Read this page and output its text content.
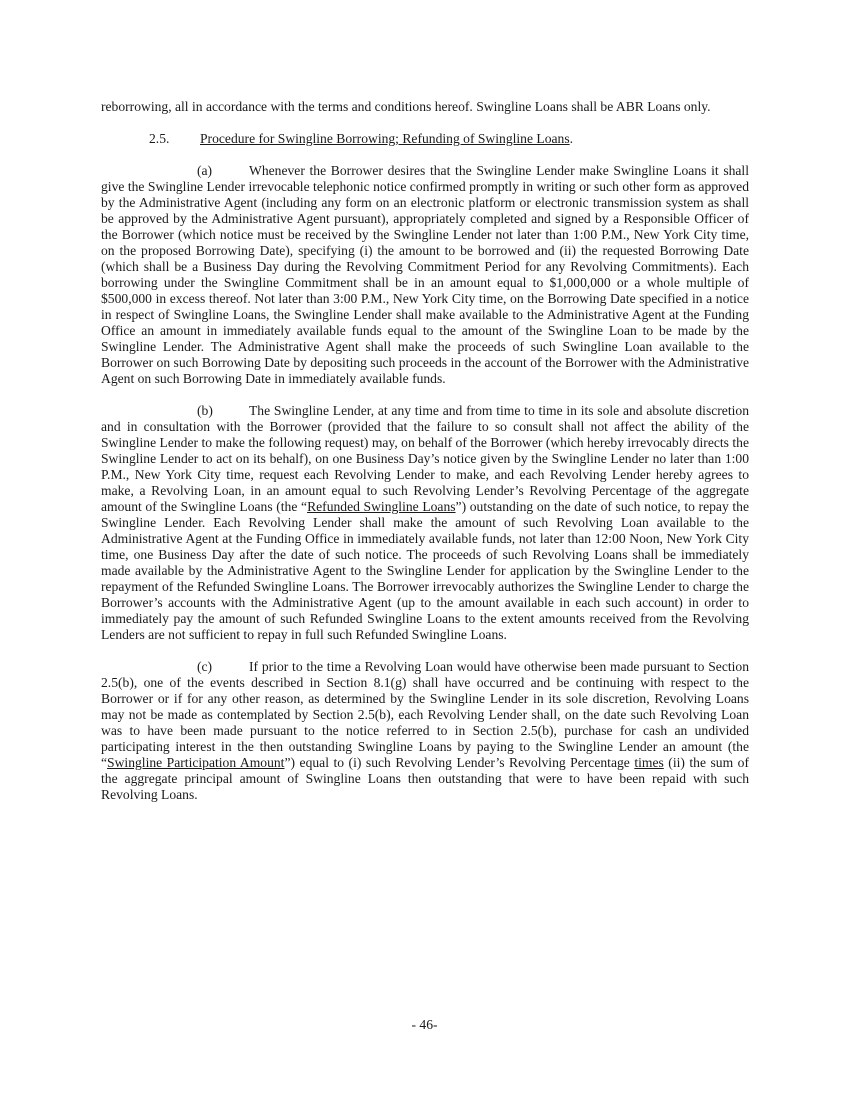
reborrowing, all in accordance with the terms and conditions hereof. Swingline Loans shall be ABR Loans only.

2.5. Procedure for Swingline Borrowing; Refunding of Swingline Loans.

(a)	Whenever the Borrower desires that the Swingline Lender make Swingline Loans it shall give the Swingline Lender irrevocable telephonic notice confirmed promptly in writing or such other form as approved by the Administrative Agent (including any form on an electronic platform or electronic transmission system as shall be approved by the Administrative Agent pursuant), appropriately completed and signed by a Responsible Officer of the Borrower (which notice must be received by the Swingline Lender not later than 1:00 P.M., New York City time, on the proposed Borrowing Date), specifying (i) the amount to be borrowed and (ii) the requested Borrowing Date (which shall be a Business Day during the Revolving Commitment Period for any Revolving Commitments). Each borrowing under the Swingline Commitment shall be in an amount equal to $1,000,000 or a whole multiple of $500,000 in excess thereof. Not later than 3:00 P.M., New York City time, on the Borrowing Date specified in a notice in respect of Swingline Loans, the Swingline Lender shall make available to the Administrative Agent at the Funding Office an amount in immediately available funds equal to the amount of the Swingline Loan to be made by the Swingline Lender. The Administrative Agent shall make the proceeds of such Swingline Loan available to the Borrower on such Borrowing Date by depositing such proceeds in the account of the Borrower with the Administrative Agent on such Borrowing Date in immediately available funds.

(b)	The Swingline Lender, at any time and from time to time in its sole and absolute discretion and in consultation with the Borrower (provided that the failure to so consult shall not affect the ability of the Swingline Lender to make the following request) may, on behalf of the Borrower (which hereby irrevocably directs the Swingline Lender to act on its behalf), on one Business Day’s notice given by the Swingline Lender no later than 1:00 P.M., New York City time, request each Revolving Lender to make, and each Revolving Lender hereby agrees to make, a Revolving Loan, in an amount equal to such Revolving Lender’s Revolving Percentage of the aggregate amount of the Swingline Loans (the “Refunded Swingline Loans”) outstanding on the date of such notice, to repay the Swingline Lender. Each Revolving Lender shall make the amount of such Revolving Loan available to the Administrative Agent at the Funding Office in immediately available funds, not later than 12:00 Noon, New York City time, one Business Day after the date of such notice. The proceeds of such Revolving Loans shall be immediately made available by the Administrative Agent to the Swingline Lender for application by the Swingline Lender to the repayment of the Refunded Swingline Loans. The Borrower irrevocably authorizes the Swingline Lender to charge the Borrower’s accounts with the Administrative Agent (up to the amount available in each such account) in order to immediately pay the amount of such Refunded Swingline Loans to the extent amounts received from the Revolving Lenders are not sufficient to repay in full such Refunded Swingline Loans.

(c)	If prior to the time a Revolving Loan would have otherwise been made pursuant to Section 2.5(b), one of the events described in Section 8.1(g) shall have occurred and be continuing with respect to the Borrower or if for any other reason, as determined by the Swingline Lender in its sole discretion, Revolving Loans may not be made as contemplated by Section 2.5(b), each Revolving Lender shall, on the date such Revolving Loan was to have been made pursuant to the notice referred to in Section 2.5(b), purchase for cash an undivided participating interest in the then outstanding Swingline Loans by paying to the Swingline Lender an amount (the “Swingline Participation Amount”) equal to (i) such Revolving Lender’s Revolving Percentage times (ii) the sum of the aggregate principal amount of Swingline Loans then outstanding that were to have been repaid with such Revolving Loans.

- 46-
